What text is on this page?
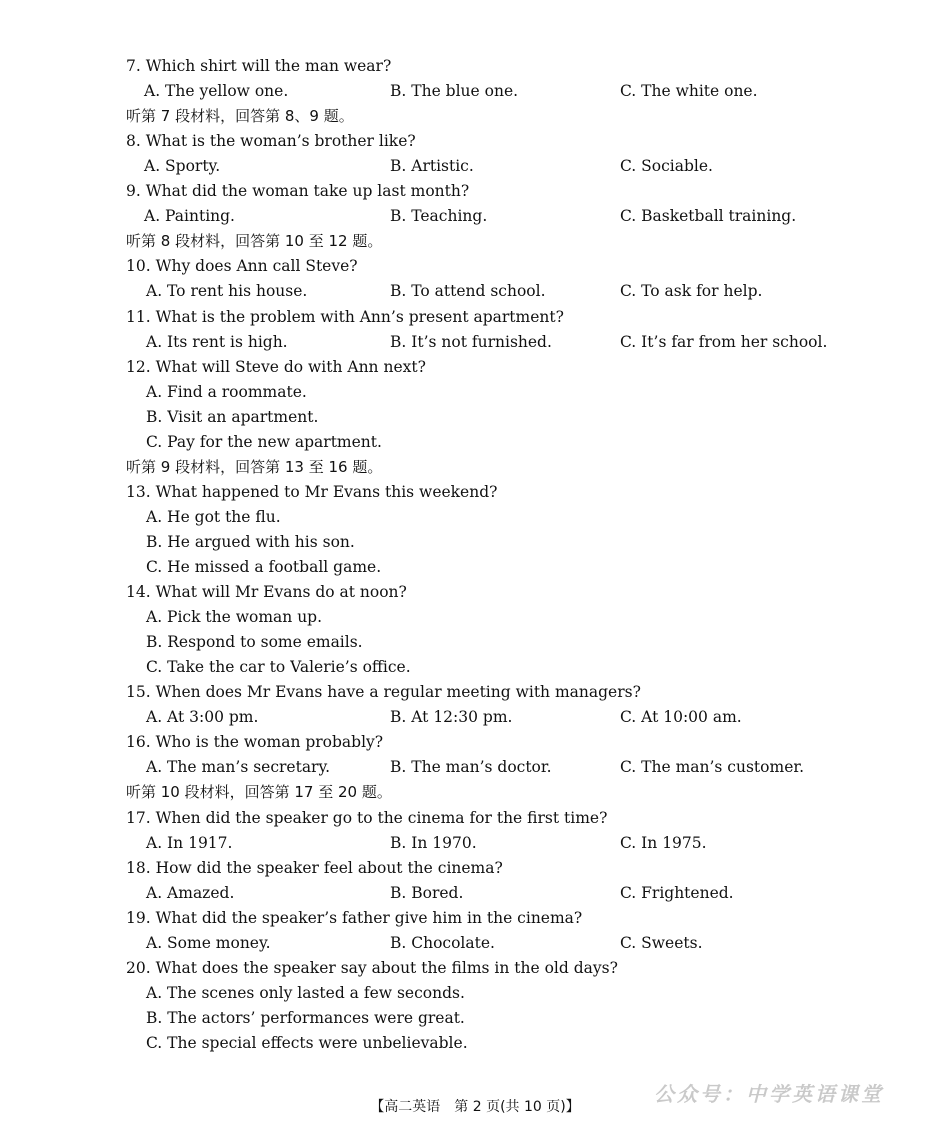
7. Which shirt will the man wear?
A. The yellow one.	B. The blue one.	C. The white one.
听第 7 段材料，回答第 8、9 题。
8. What is the woman’s brother like?
A. Sporty.	B. Artistic.	C. Sociable.
9. What did the woman take up last month?
A. Painting.	B. Teaching.	C. Basketball training.
听第 8 段材料，回答第 10 至 12 题。
10. Why does Ann call Steve?
A. To rent his house.	B. To attend school.	C. To ask for help.
11. What is the problem with Ann’s present apartment?
A. Its rent is high.	B. It’s not furnished.	C. It’s far from her school.
12. What will Steve do with Ann next?
A. Find a roommate.
B. Visit an apartment.
C. Pay for the new apartment.
听第 9 段材料，回答第 13 至 16 题。
13. What happened to Mr Evans this weekend?
A. He got the flu.
B. He argued with his son.
C. He missed a football game.
14. What will Mr Evans do at noon?
A. Pick the woman up.
B. Respond to some emails.
C. Take the car to Valerie’s office.
15. When does Mr Evans have a regular meeting with managers?
A. At 3:00 pm.	B. At 12:30 pm.	C. At 10:00 am.
16. Who is the woman probably?
A. The man’s secretary.	B. The man’s doctor.	C. The man’s customer.
听第 10 段材料，回答第 17 至 20 题。
17. When did the speaker go to the cinema for the first time?
A. In 1917.	B. In 1970.	C. In 1975.
18. How did the speaker feel about the cinema?
A. Amazed.	B. Bored.	C. Frightened.
19. What did the speaker’s father give him in the cinema?
A. Some money.	B. Chocolate.	C. Sweets.
20. What does the speaker say about the films in the old days?
A. The scenes only lasted a few seconds.
B. The actors’ performances were great.
C. The special effects were unbelievable.
【高二英语　第 2 页(共 10 页)】
公众号：中学英语课堂
